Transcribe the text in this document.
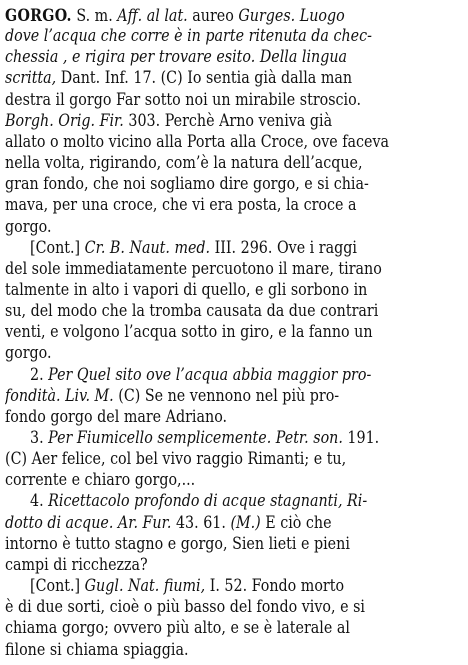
GORGO. S. m. Aff. al lat. aureo Gurges. Luogo
dove l’acqua che corre è in parte ritenuta da chec-
chessia , e rigira per trovare esito. Della lingua
scritta, Dant. Inf. 17. (C) Io sentia già dalla man
destra il gorgo Far sotto noi un mirabile stroscio.
Borgh. Orig. Fir. 303. Perchè Arno veniva già
allato o molto vicino alla Porta alla Croce, ove faceva
nella volta, rigirando, com’è la natura dell’acque,
gran fondo, che noi sogliamo dire gorgo, e si chia-
mava, per una croce, che vi era posta, la croce a
gorgo.
[Cont.] Cr. B. Naut. med. III. 296. Ove i raggi
del sole immediatamente percuotono il mare, tirano
talmente in alto i vapori di quello, e gli sorbono in
su, del modo che la tromba causata da due contrari
venti, e volgono l’acqua sotto in giro, e la fanno un
gorgo.
2. Per Quel sito ove l’acqua abbia maggior pro-
fondità. Liv. M. (C) Se ne vennono nel più pro-
fondo gorgo del mare Adriano.
3. Per Fiumicello semplicemente. Petr. son. 191.
(C) Aer felice, col bel vivo raggio Rimanti; e tu,
corrente e chiaro gorgo,...
4. Ricettacolo profondo di acque stagnanti, Ri-
dotto di acque. Ar. Fur. 43. 61. (M.) E ciò che
intorno è tutto stagno e gorgo, Sien lieti e pieni
campi di ricchezza?
[Cont.] Gugl. Nat. fiumi, I. 52. Fondo morto
è di due sorti, cioè o più basso del fondo vivo, e si
chiama gorgo; ovvero più alto, e se è laterale al
filone si chiama spiaggia.
